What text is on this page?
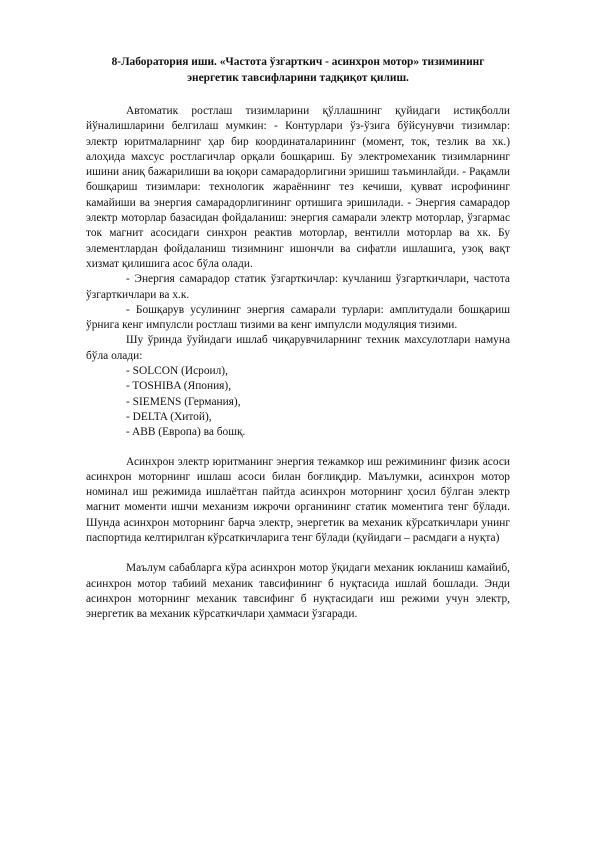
8-Лаборатория иши. «Частота ўзгарткич - асинхрон мотор» тизимининг
энергетик тавсифларини тадқиқот қилиш.

Автоматик ростлаш тизимларини қўллашнинг қуйидаги истиқболли йўналишларини белгилаш мумкин: - Контурлари ўз-ўзига бўйсунувчи тизимлар: электр юритмаларнинг ҳар бир координаталарининг (момент, ток, тезлик ва хк.) алоҳида махсус ростлагичлар орқали бошқариш. Бу электромеханик тизимларнинг ишини аниқ бажарилиши ва юқори самарадорлигини эришиш таъминлайди. - Рақамли бошқариш тизимлари: технологик жараённинг тез кечиши, қувват исрофининг камайиши ва энергия самарадорлигининг ортишига эришилади. - Энергия самарадор электр моторлар базасидан фойдаланиш: энергия самарали электр моторлар, ўзгармас ток магнит асосидаги синхрон реактив моторлар, вентилли моторлар ва хк. Бу элементлардан фойдаланиш тизимнинг ишончли ва сифатли ишлашига, узоқ вақт хизмат қилишига асос бўла олади.

- Энергия самарадор статик ўзгарткичлар: кучланиш ўзгарткичлари, частота ўзгарткичлари ва х.к.

- Бошқарув усулининг энергия самарали турлари: амплитудали бошқариш ўрнига кенг импулсли ростлаш тизими ва кенг импулсли модуляция тизими.

Шу ўринда ўуйидаги ишлаб чиқарувчиларнинг техник махсулотлари намуна бўла олади:

- SOLCON (Исроил),
- TOSHIBA (Япония),
- SIEMENS (Германия),
- DELTA (Хитой),
- ABB (Европа) ва бошқ.

Асинхрон электр юритманинг энергия тежамкор иш режимининг физик асоси асинхрон моторнинг ишлаш асоси билан боғлиқдир. Маълумки, асинхрон мотор номинал иш режимида ишлаётган пайтда асинхрон моторнинг ҳосил бўлган электр магнит моменти ишчи механизм ижрочи органининг статик моментига тенг бўлади. Шунда асинхрон моторнинг барча электр, энергетик ва механик кўрсаткичлари унинг паспортида келтирилган кўрсаткичларига тенг бўлади (қуйидаги – расмдаги а нуқта)

Маълум сабабларга кўра асинхрон мотор ўқидаги механик юкланиш камайиб, асинхрон мотор табиий механик тавсифининг б нуқтасида ишлай бошлади. Энди асинхрон моторнинг механик тавсифинг б нуқтасидаги иш режими учун электр, энергетик ва механик кўрсаткичлари ҳаммаси ўзгаради.
